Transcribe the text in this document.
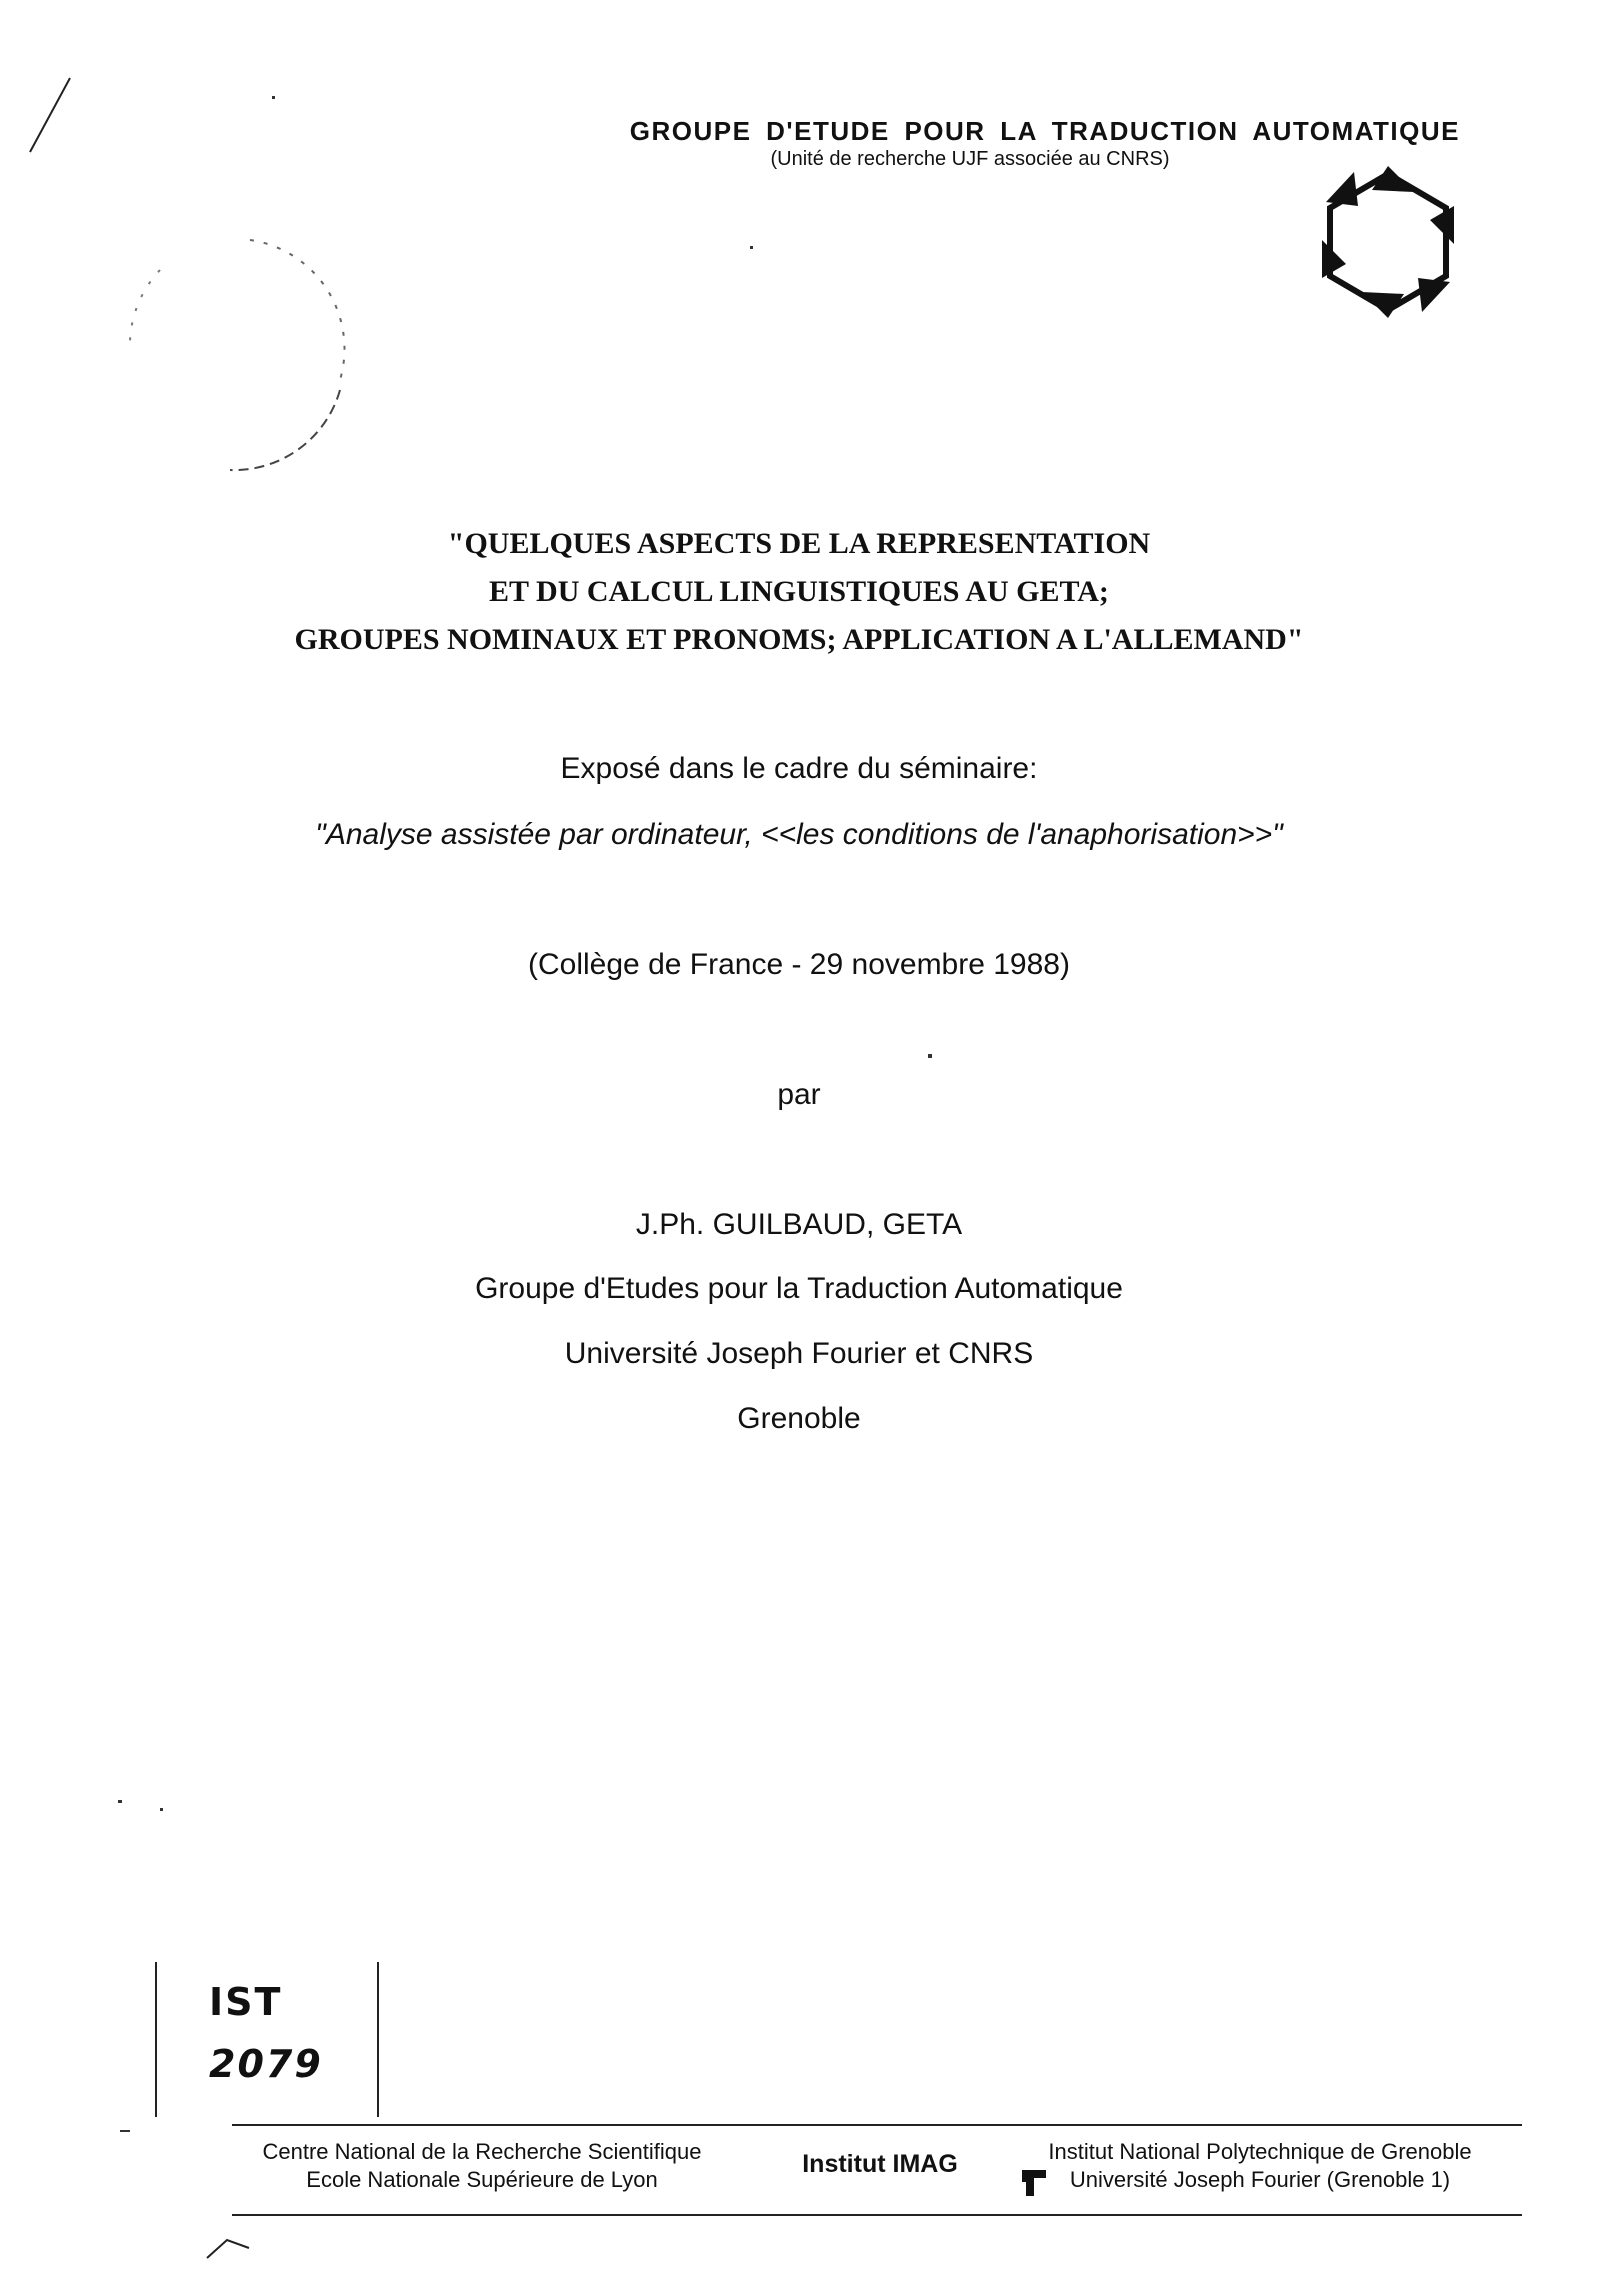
GROUPE D'ETUDE POUR LA TRADUCTION AUTOMATIQUE
(Unité de recherche UJF associée au CNRS)
"QUELQUES ASPECTS DE LA REPRESENTATION
ET DU CALCUL LINGUISTIQUES AU GETA;
GROUPES NOMINAUX ET PRONOMS; APPLICATION A L'ALLEMAND"
Exposé dans le cadre du séminaire:
"Analyse assistée par ordinateur, <<les conditions de l'anaphorisation>>"
(Collège de France - 29 novembre 1988)
par
J.Ph. GUILBAUD, GETA
Groupe d'Etudes pour la Traduction Automatique
Université Joseph Fourier et CNRS
Grenoble
IST
2079
Centre National de la Recherche Scientifique
Ecole Nationale Supérieure de Lyon
Institut IMAG	Institut National Polytechnique de Grenoble
Université Joseph Fourier (Grenoble 1)
